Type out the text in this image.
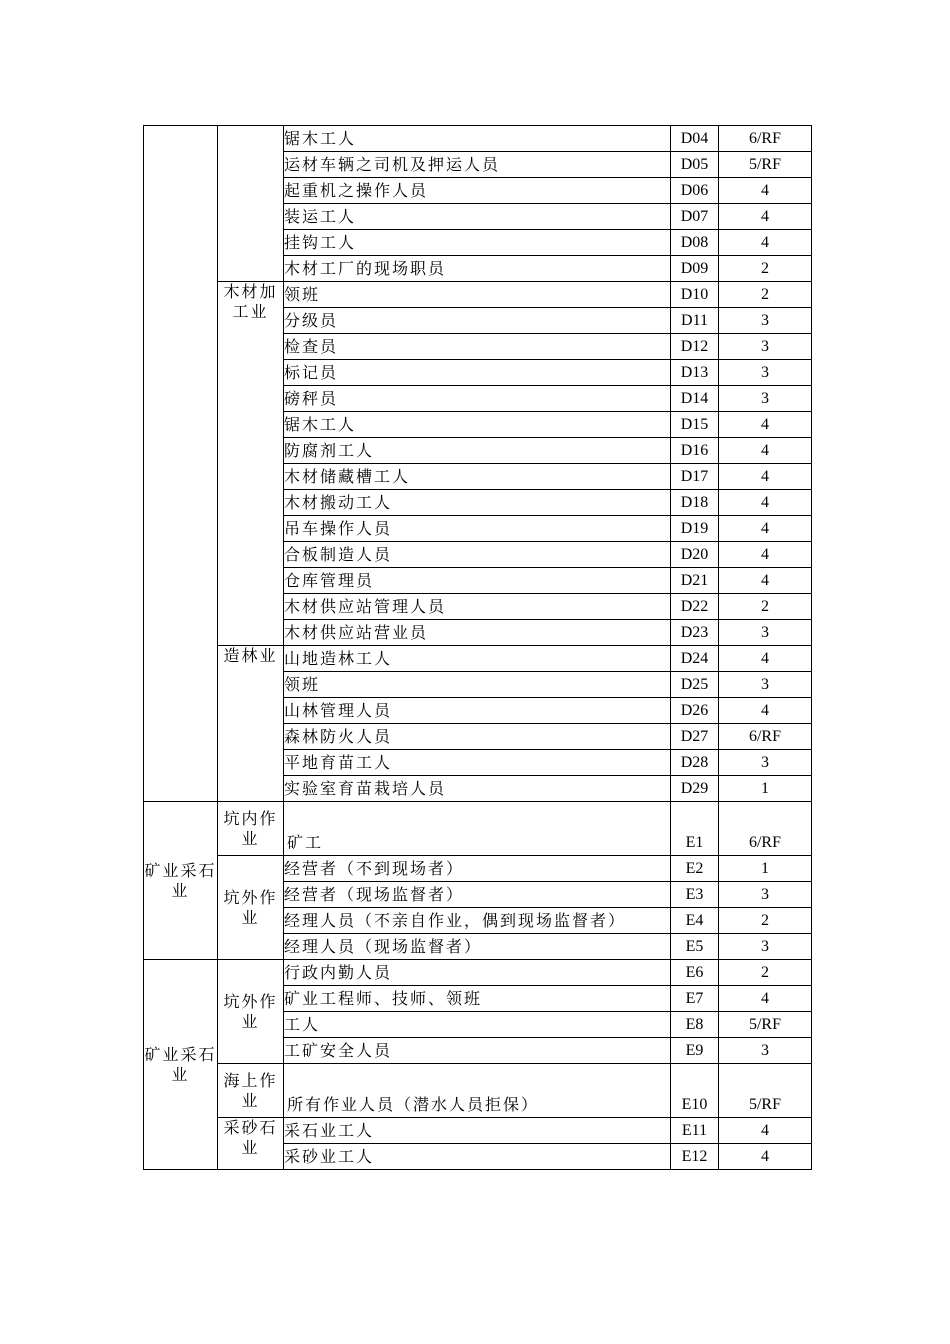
		锯木工人	D04	6/RF
		运材车辆之司机及押运人员	D05	5/RF
		起重机之操作人员	D06	4
		装运工人	D07	4
		挂钩工人	D08	4
		木材工厂的现场职员	D09	2
	木材加工业	领班	D10	2
		分级员	D11	3
		检查员	D12	3
		标记员	D13	3
		磅秤员	D14	3
		锯木工人	D15	4
		防腐剂工人	D16	4
		木材储藏槽工人	D17	4
		木材搬动工人	D18	4
		吊车操作人员	D19	4
		合板制造人员	D20	4
		仓库管理员	D21	4
		木材供应站管理人员	D22	2
		木材供应站营业员	D23	3
	造林业	山地造林工人	D24	4
		领班	D25	3
		山林管理人员	D26	4
		森林防火人员	D27	6/RF
		平地育苗工人	D28	3
		实验室育苗栽培人员	D29	1
矿业采石业	坑内作业	矿工	E1	6/RF
	坑外作业	经营者（不到现场者）	E2	1
		经营者（现场监督者）	E3	3
		经理人员（不亲自作业，偶到现场监督者）	E4	2
		经理人员（现场监督者）	E5	3
矿业采石业	坑外作业	行政内勤人员	E6	2
		矿业工程师、技师、领班	E7	4
		工人	E8	5/RF
		工矿安全人员	E9	3
	海上作业	所有作业人员（潜水人员拒保）	E10	5/RF
	采砂石业	采石业工人	E11	4
		采砂业工人	E12	4
